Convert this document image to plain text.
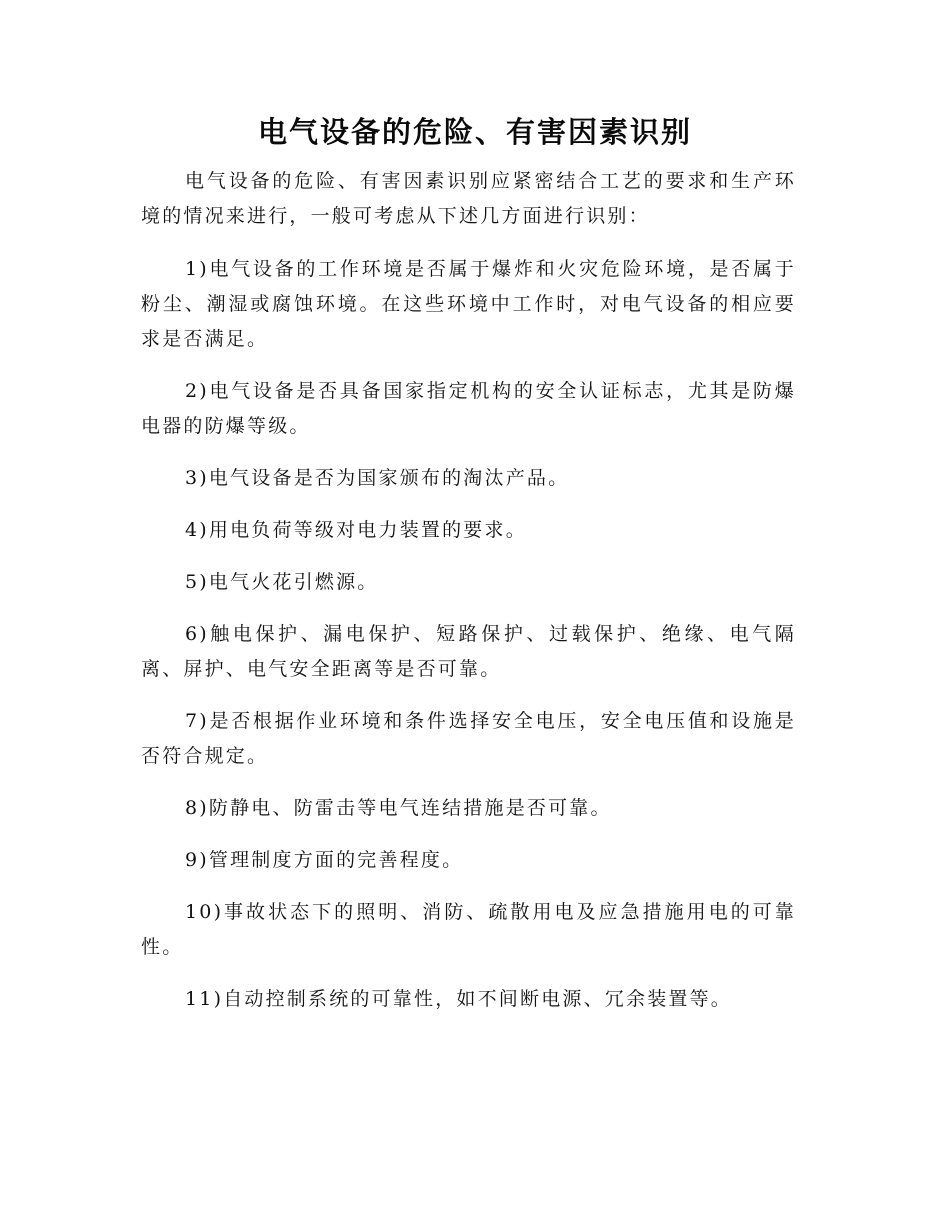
电气设备的危险、有害因素识别

电气设备的危险、有害因素识别应紧密结合工艺的要求和生产环境的情况来进行，一般可考虑从下述几方面进行识别：

1)电气设备的工作环境是否属于爆炸和火灾危险环境，是否属于粉尘、潮湿或腐蚀环境。在这些环境中工作时，对电气设备的相应要求是否满足。

2)电气设备是否具备国家指定机构的安全认证标志，尤其是防爆电器的防爆等级。

3)电气设备是否为国家颁布的淘汰产品。

4)用电负荷等级对电力装置的要求。

5)电气火花引燃源。

6)触电保护、漏电保护、短路保护、过载保护、绝缘、电气隔离、屏护、电气安全距离等是否可靠。

7)是否根据作业环境和条件选择安全电压，安全电压值和设施是否符合规定。

8)防静电、防雷击等电气连结措施是否可靠。

9)管理制度方面的完善程度。

10)事故状态下的照明、消防、疏散用电及应急措施用电的可靠性。

11)自动控制系统的可靠性，如不间断电源、冗余装置等。
